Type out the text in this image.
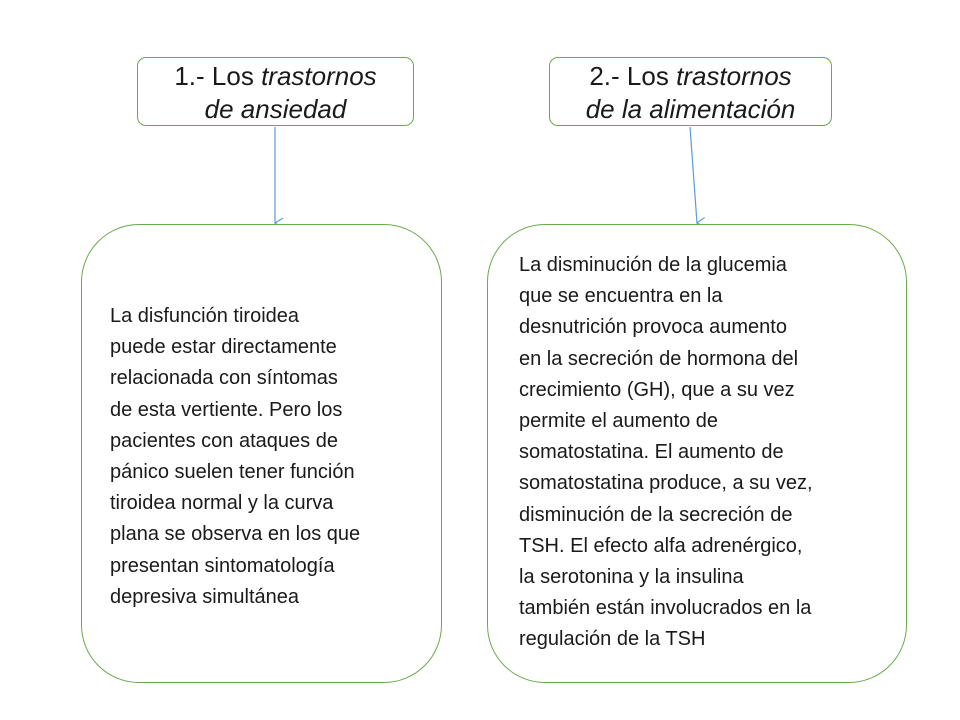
1.- Los trastornos
de ansiedad
2.- Los trastornos
de la alimentación
La disfunción tiroidea
puede estar directamente
relacionada con síntomas
de esta vertiente. Pero los
pacientes con ataques de
pánico suelen tener función
tiroidea normal y la curva
plana se observa en los que
presentan sintomatología
depresiva simultánea
La disminución de la glucemia
que se encuentra en la
desnutrición provoca aumento
en la secreción de hormona del
crecimiento (GH), que a su vez
permite el aumento de
somatostatina. El aumento de
somatostatina produce, a su vez,
disminución de la secreción de
TSH. El efecto alfa adrenérgico,
la serotonina y la insulina
también están involucrados en la
regulación de la TSH
